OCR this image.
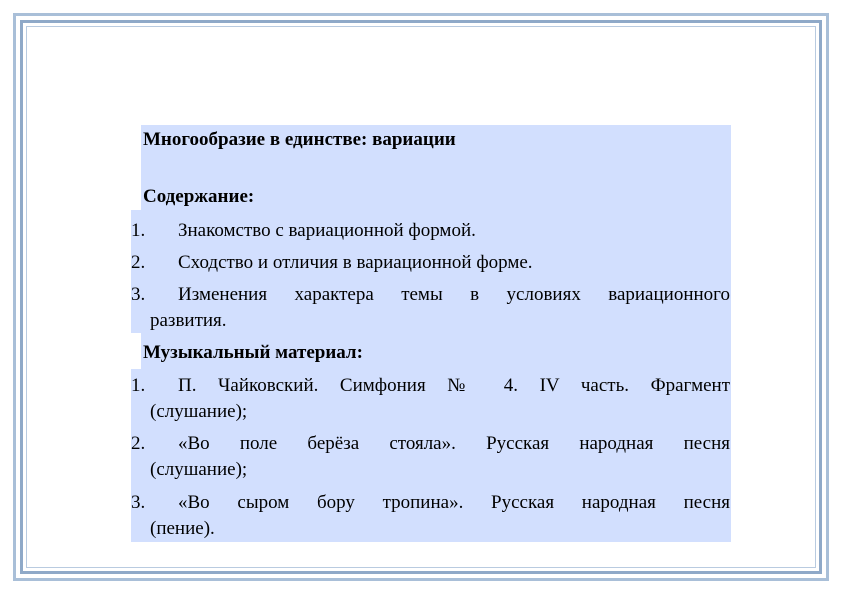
Многообразие в единстве: вариации
Содержание:
1. Знакомство с вариационной формой.
2. Сходство и отличия в вариационной форме.
3. Изменения характера темы в условиях вариационного
развития.
Музыкальный материал:
1. П. Чайковский. Симфония № 4. IV часть. Фрагмент
(слушание);
2. «Во поле берёза стояла». Русская народная песня
(слушание);
3. «Во сыром бору тропина». Русская народная песня
(пение).
